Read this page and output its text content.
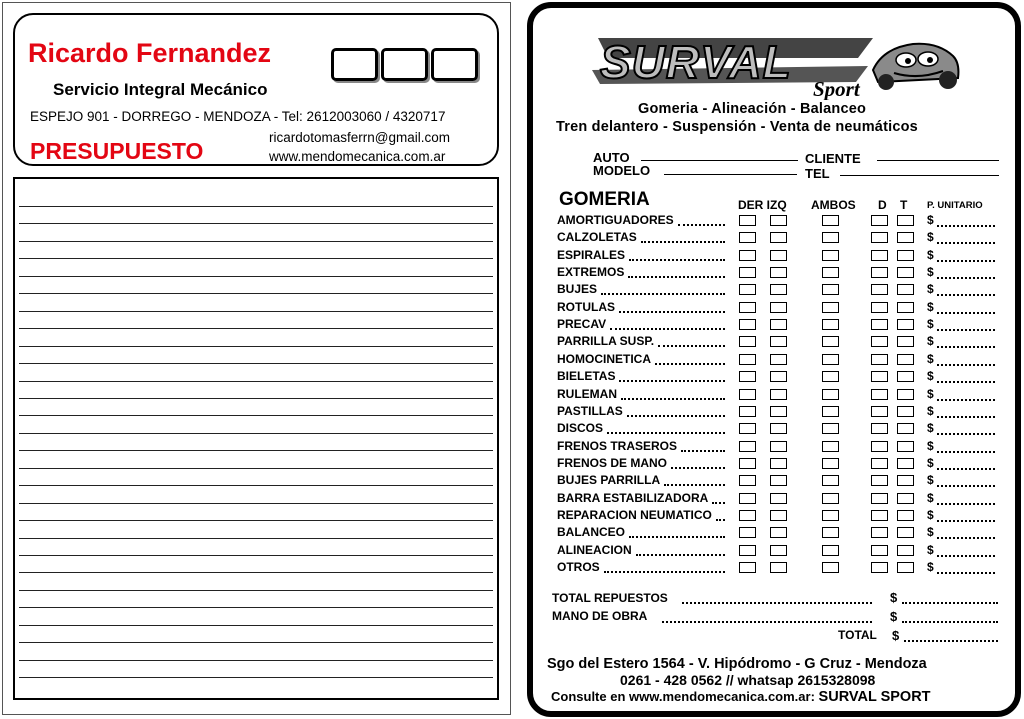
Ricardo Fernandez
Servicio Integral Mecánico
ESPEJO 901 - DORREGO - MENDOZA - Tel: 2612003060 / 4320717
ricardotomasferrn@gmail.com
www.mendomecanica.com.ar
PRESUPUESTO
SURVAL
Sport
Gomeria - Alineación - Balanceo
Tren delantero - Suspensión - Venta de neumáticos
AUTO
MODELO
CLIENTE
TEL
GOMERIA	DER IZQ AMBOS D T P. UNITARIO
AMORTIGUADORES	$
CALZOLETAS	$
ESPIRALES	$
EXTREMOS	$
BUJES	$
ROTULAS	$
PRECAV	$
PARRILLA SUSP.	$
HOMOCINETICA	$
BIELETAS	$
RULEMAN	$
PASTILLAS	$
DISCOS	$
FRENOS TRASEROS	$
FRENOS DE MANO	$
BUJES PARRILLA	$
BARRA ESTABILIZADORA	$
REPARACION NEUMATICO	$
BALANCEO	$
ALINEACION	$
OTROS	$
TOTAL REPUESTOS	$
MANO DE OBRA	$
TOTAL $
Sgo del Estero 1564 - V. Hipódromo - G Cruz - Mendoza
0261 - 428 0562 // whatsap 2615328098
Consulte en www.mendomecanica.com.ar: SURVAL SPORT
